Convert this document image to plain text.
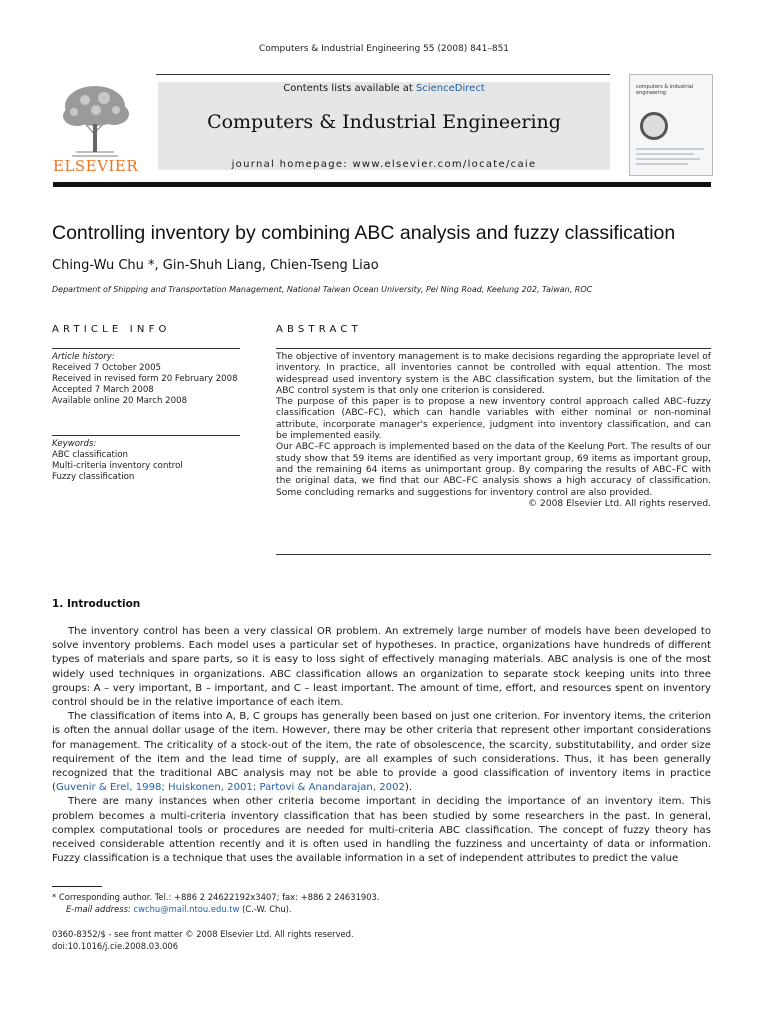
Computers & Industrial Engineering 55 (2008) 841–851
ELSEVIER
Contents lists available at ScienceDirect
Computers & Industrial Engineering
journal homepage: www.elsevier.com/locate/caie
computers & industrial engineering
Controlling inventory by combining ABC analysis and fuzzy classification
Ching-Wu Chu *, Gin-Shuh Liang, Chien-Tseng Liao
Department of Shipping and Transportation Management, National Taiwan Ocean University, Pei Ning Road, Keelung 202, Taiwan, ROC
ARTICLE INFO
Article history:
Received 7 October 2005
Received in revised form 20 February 2008
Accepted 7 March 2008
Available online 20 March 2008
Keywords:
ABC classification
Multi-criteria inventory control
Fuzzy classification
ABSTRACT

The objective of inventory management is to make decisions regarding the appropriate level of inventory. In practice, all inventories cannot be controlled with equal attention. The most widespread used inventory system is the ABC classification system, but the limitation of the ABC control system is that only one criterion is considered.

The purpose of this paper is to propose a new inventory control approach called ABC–fuzzy classification (ABC–FC), which can handle variables with either nominal or non-nominal attribute, incorporate manager's experience, judgment into inventory classification, and can be implemented easily.

Our ABC–FC approach is implemented based on the data of the Keelung Port. The results of our study show that 59 items are identified as very important group, 69 items as important group, and the remaining 64 items as unimportant group. By comparing the results of ABC–FC with the original data, we find that our ABC–FC analysis shows a high accuracy of classification. Some concluding remarks and suggestions for inventory control are also provided.

© 2008 Elsevier Ltd. All rights reserved.

1. Introduction

The inventory control has been a very classical OR problem. An extremely large number of models have been developed to solve inventory problems. Each model uses a particular set of hypotheses. In practice, organizations have hundreds of different types of materials and spare parts, so it is easy to loss sight of effectively managing materials. ABC analysis is one of the most widely used techniques in organizations. ABC classification allows an organization to separate stock keeping units into three groups: A – very important, B – important, and C – least important. The amount of time, effort, and resources spent on inventory control should be in the relative importance of each item.

The classification of items into A, B, C groups has generally been based on just one criterion. For inventory items, the criterion is often the annual dollar usage of the item. However, there may be other criteria that represent other important considerations for management. The criticality of a stock-out of the item, the rate of obsolescence, the scarcity, substitutability, and order size requirement of the item and the lead time of supply, are all examples of such considerations. Thus, it has been generally recognized that the traditional ABC analysis may not be able to provide a good classification of inventory items in practice (Guvenir & Erel, 1998; Huiskonen, 2001; Partovi & Anandarajan, 2002).

There are many instances when other criteria become important in deciding the importance of an inventory item. This problem becomes a multi-criteria inventory classification that has been studied by some researchers in the past. In general, complex computational tools or procedures are needed for multi-criteria ABC classification. The concept of fuzzy theory has received considerable attention recently and it is often used in handling the fuzziness and uncertainty of data or information. Fuzzy classification is a technique that uses the available information in a set of independent attributes to predict the value

* Corresponding author. Tel.: +886 2 24622192x3407; fax: +886 2 24631903.
E-mail address: cwchu@mail.ntou.edu.tw (C.-W. Chu).
0360-8352/$ - see front matter © 2008 Elsevier Ltd. All rights reserved.
doi:10.1016/j.cie.2008.03.006
